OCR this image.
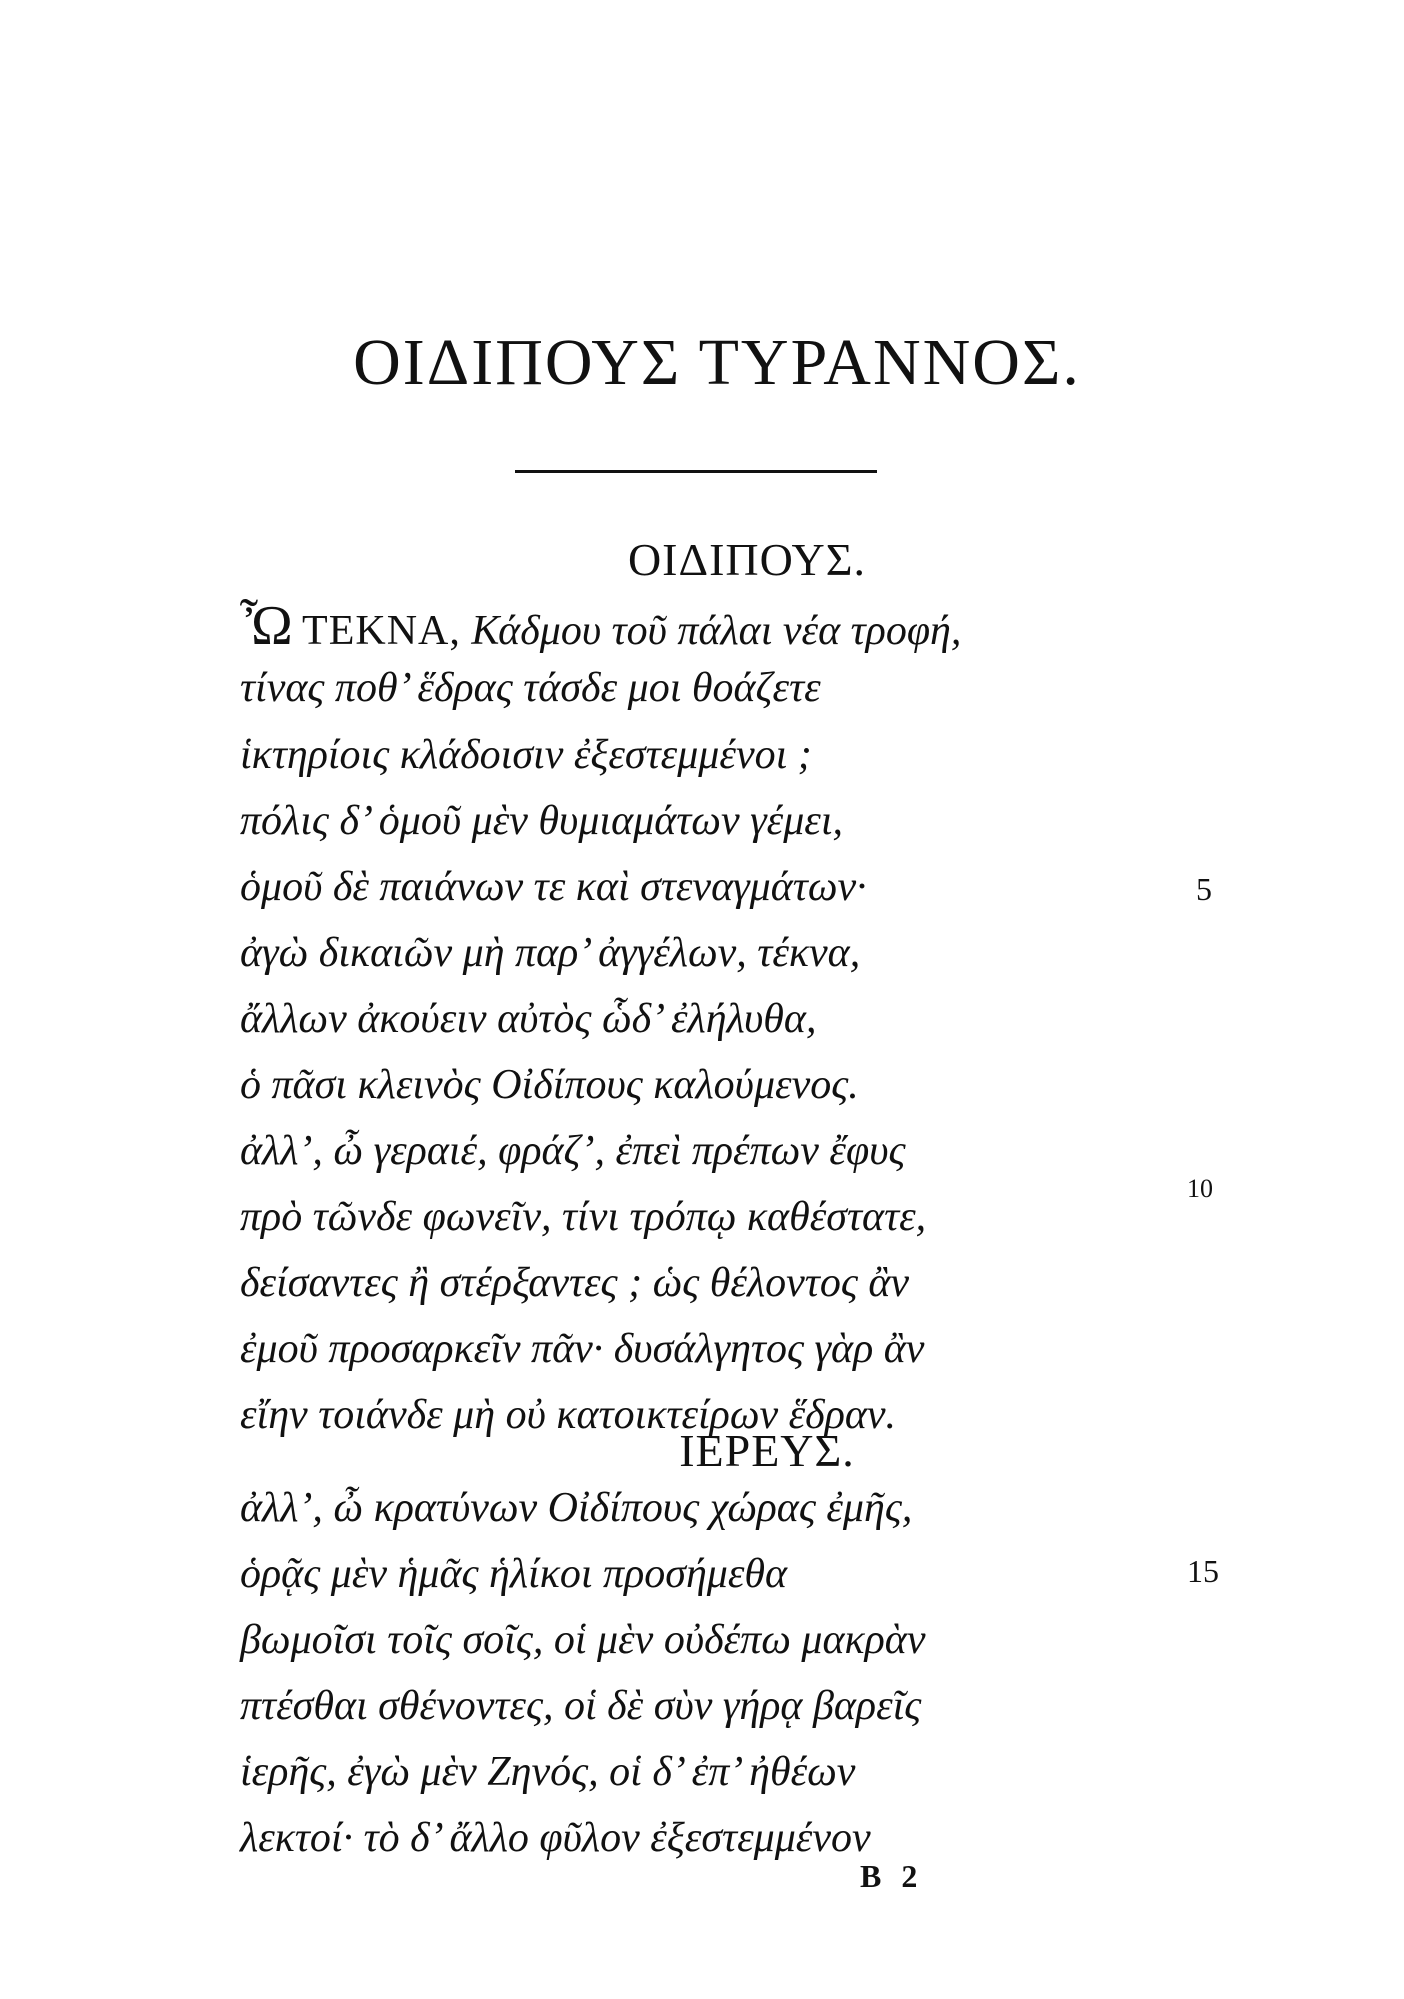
ΟΙΔΙΠΟΥΣ ΤΥΡΑΝΝΟΣ.
ΟΙΔΙΠΟΥΣ.
Ὦ ΤΕΚΝΑ, Κάδμου τοῦ πάλαι νέα τροφή,
τίνας ποθ’ ἕδρας τάσδε μοι θοάζετε
ἱκτηρίοις κλάδοισιν ἐξεστεμμένοι ;
πόλις δ’ ὁμοῦ μὲν θυμιαμάτων γέμει,
ὁμοῦ δὲ παιάνων τε καὶ στεναγμάτων·
ἀγὼ δικαιῶν μὴ παρ’ ἀγγέλων, τέκνα,
ἄλλων ἀκούειν αὐτὸς ὧδ’ ἐλήλυθα,
ὁ πᾶσι κλεινὸς Οἰδίπους καλούμενος.
ἀλλ’, ὦ γεραιέ, φράζ’, ἐπεὶ πρέπων ἔφυς
πρὸ τῶνδε φωνεῖν, τίνι τρόπῳ καθέστατε,
δείσαντες ἢ στέρξαντες ; ὡς θέλοντος ἂν
ἐμοῦ προσαρκεῖν πᾶν· δυσάλγητος γὰρ ἂν
εἴην τοιάνδε μὴ οὐ κατοικτείρων ἕδραν.
ΙΕΡΕΥΣ.
ἀλλ’, ὦ κρατύνων Οἰδίπους χώρας ἐμῆς,
ὁρᾷς μὲν ἡμᾶς ἡλίκοι προσήμεθα
βωμοῖσι τοῖς σοῖς, οἱ μὲν οὐδέπω μακρὰν
πτέσθαι σθένοντες, οἱ δὲ σὺν γήρᾳ βαρεῖς
ἱερῆς, ἐγὼ μὲν Ζηνός, οἱ δ’ ἐπ’ ἠθέων
λεκτοί· τὸ δ’ ἄλλο φῦλον ἐξεστεμμένον
5
10
15
B 2
